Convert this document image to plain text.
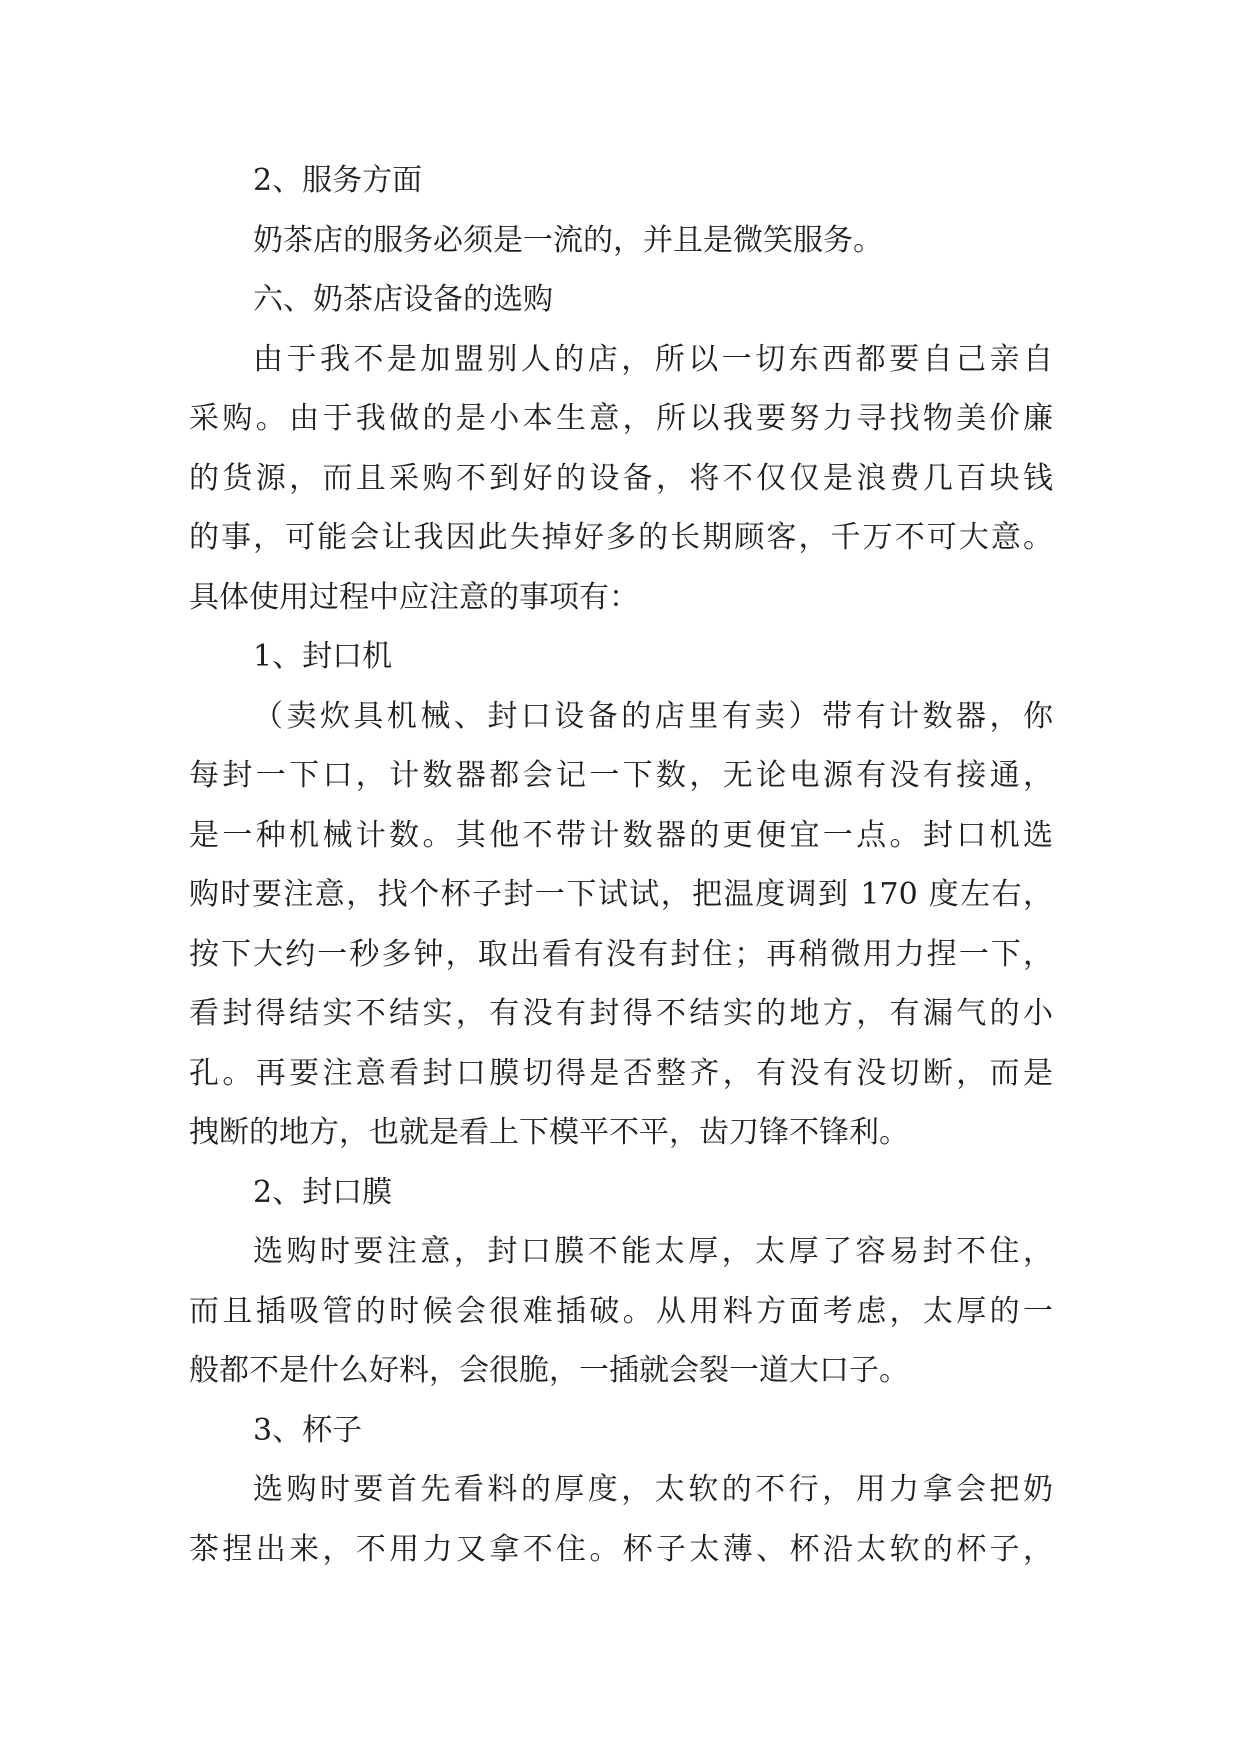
2、服务方面
奶茶店的服务必须是一流的，并且是微笑服务。
六、奶茶店设备的选购
由于我不是加盟别人的店，所以一切东西都要自己亲自
采购。由于我做的是小本生意，所以我要努力寻找物美价廉
的货源，而且采购不到好的设备，将不仅仅是浪费几百块钱
的事，可能会让我因此失掉好多的长期顾客，千万不可大意。
具体使用过程中应注意的事项有：
1、封口机
（卖炊具机械、封口设备的店里有卖）带有计数器，你
每封一下口，计数器都会记一下数，无论电源有没有接通，
是一种机械计数。其他不带计数器的更便宜一点。封口机选
购时要注意，找个杯子封一下试试，把温度调到 170 度左右，
按下大约一秒多钟，取出看有没有封住；再稍微用力捏一下，
看封得结实不结实，有没有封得不结实的地方，有漏气的小
孔。再要注意看封口膜切得是否整齐，有没有没切断，而是
拽断的地方，也就是看上下模平不平，齿刀锋不锋利。
2、封口膜
选购时要注意，封口膜不能太厚，太厚了容易封不住，
而且插吸管的时候会很难插破。从用料方面考虑，太厚的一
般都不是什么好料，会很脆，一插就会裂一道大口子。
3、杯子
选购时要首先看料的厚度，太软的不行，用力拿会把奶
茶捏出来，不用力又拿不住。杯子太薄、杯沿太软的杯子，
